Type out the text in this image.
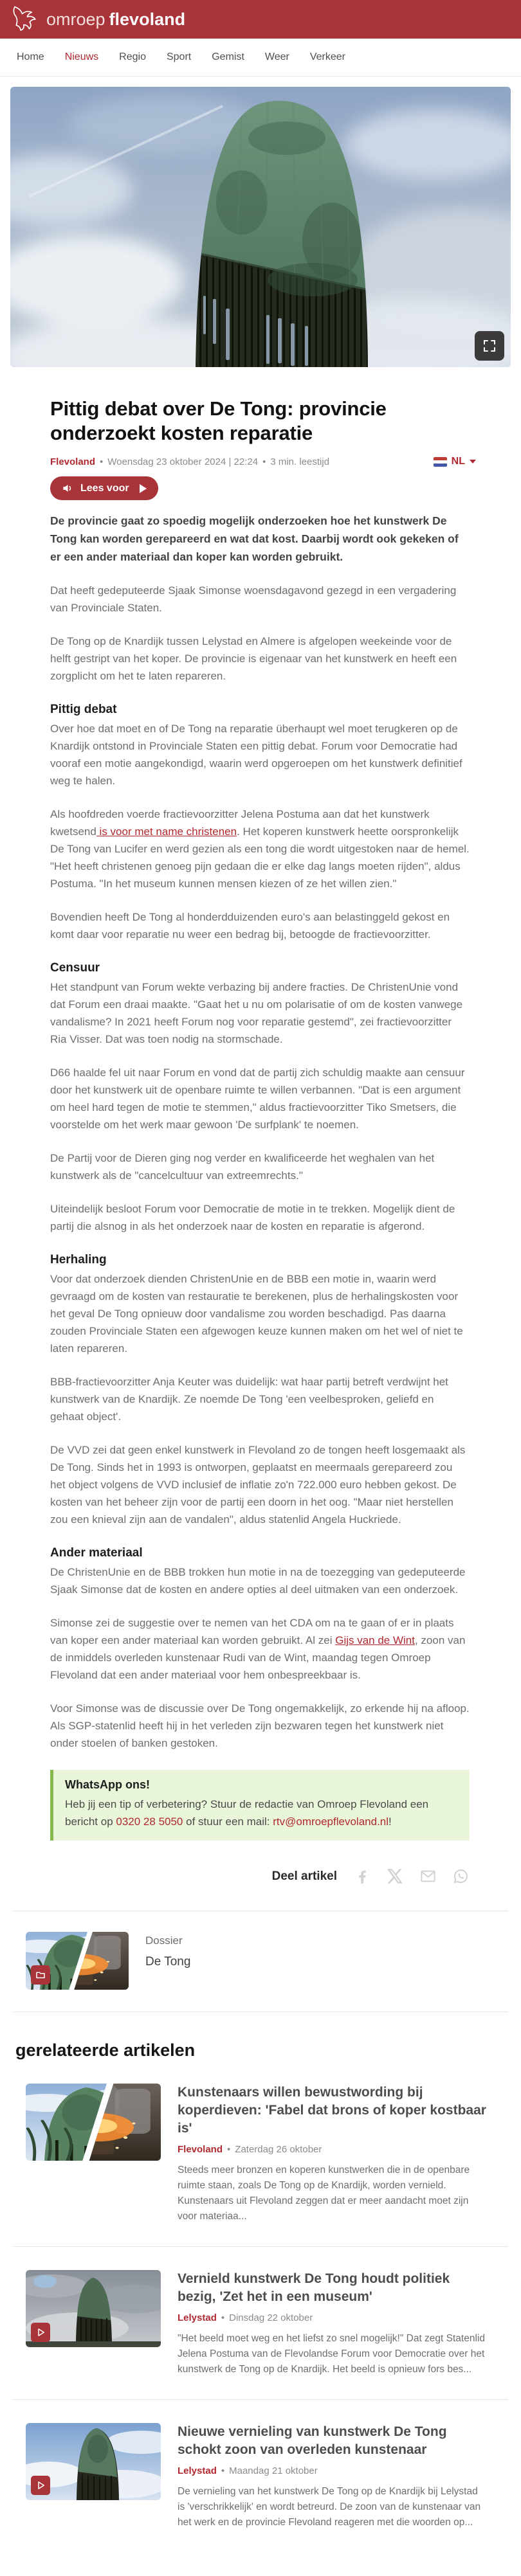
omroep flevoland
Home Nieuws Regio Sport Gemist Weer Verkeer
Pittig debat over De Tong: provincie onderzoekt kosten reparatie
Flevoland • Woensdag 23 oktober 2024 | 22:24 • 3 min. leestijd	NL
Lees voor

De provincie gaat zo spoedig mogelijk onderzoeken hoe het kunstwerk De Tong kan worden gerepareerd en wat dat kost. Daarbij wordt ook gekeken of er een ander materiaal dan koper kan worden gebruikt.

Dat heeft gedeputeerde Sjaak Simonse woensdagavond gezegd in een vergadering van Provinciale Staten.

De Tong op de Knardijk tussen Lelystad en Almere is afgelopen weekeinde voor de helft gestript van het koper. De provincie is eigenaar van het kunstwerk en heeft een zorgplicht om het te laten repareren.

Pittig debat

Over hoe dat moet en of De Tong na reparatie überhaupt wel moet terugkeren op de Knardijk ontstond in Provinciale Staten een pittig debat. Forum voor Democratie had vooraf een motie aangekondigd, waarin werd opgeroepen om het kunstwerk definitief weg te halen.

Als hoofdreden voerde fractievoorzitter Jelena Postuma aan dat het kunstwerk kwetsend is voor met name christenen. Het koperen kunstwerk heette oorspronkelijk De Tong van Lucifer en werd gezien als een tong die wordt uitgestoken naar de hemel. "Het heeft christenen genoeg pijn gedaan die er elke dag langs moeten rijden", aldus Postuma. "In het museum kunnen mensen kiezen of ze het willen zien."

Bovendien heeft De Tong al honderdduizenden euro's aan belastinggeld gekost en komt daar voor reparatie nu weer een bedrag bij, betoogde de fractievoorzitter.

Censuur

Het standpunt van Forum wekte verbazing bij andere fracties. De ChristenUnie vond dat Forum een draai maakte. "Gaat het u nu om polarisatie of om de kosten vanwege vandalisme? In 2021 heeft Forum nog voor reparatie gestemd", zei fractievoorzitter Ria Visser. Dat was toen nodig na stormschade.

D66 haalde fel uit naar Forum en vond dat de partij zich schuldig maakte aan censuur door het kunstwerk uit de openbare ruimte te willen verbannen. "Dat is een argument om heel hard tegen de motie te stemmen," aldus fractievoorzitter Tiko Smetsers, die voorstelde om het werk maar gewoon 'De surfplank' te noemen.

De Partij voor de Dieren ging nog verder en kwalificeerde het weghalen van het kunstwerk als de "cancelcultuur van extreemrechts."

Uiteindelijk besloot Forum voor Democratie de motie in te trekken. Mogelijk dient de partij die alsnog in als het onderzoek naar de kosten en reparatie is afgerond.

Herhaling

Voor dat onderzoek dienden ChristenUnie en de BBB een motie in, waarin werd gevraagd om de kosten van restauratie te berekenen, plus de herhalingskosten voor het geval De Tong opnieuw door vandalisme zou worden beschadigd. Pas daarna zouden Provinciale Staten een afgewogen keuze kunnen maken om het wel of niet te laten repareren.

BBB-fractievoorzitter Anja Keuter was duidelijk: wat haar partij betreft verdwijnt het kunstwerk van de Knardijk. Ze noemde De Tong 'een veelbesproken, geliefd en gehaat object'.

De VVD zei dat geen enkel kunstwerk in Flevoland zo de tongen heeft losgemaakt als De Tong. Sinds het in 1993 is ontworpen, geplaatst en meermaals gerepareerd zou het object volgens de VVD inclusief de inflatie zo'n 722.000 euro hebben gekost. De kosten van het beheer zijn voor de partij een doorn in het oog. "Maar niet herstellen zou een knieval zijn aan de vandalen", aldus statenlid Angela Huckriede.

Ander materiaal

De ChristenUnie en de BBB trokken hun motie in na de toezegging van gedeputeerde Sjaak Simonse dat de kosten en andere opties al deel uitmaken van een onderzoek.

Simonse zei de suggestie over te nemen van het CDA om na te gaan of er in plaats van koper een ander materiaal kan worden gebruikt. Al zei Gijs van de Wint, zoon van de inmiddels overleden kunstenaar Rudi van de Wint, maandag tegen Omroep Flevoland dat een ander materiaal voor hem onbespreekbaar is.

Voor Simonse was de discussie over De Tong ongemakkelijk, zo erkende hij na afloop. Als SGP-statenlid heeft hij in het verleden zijn bezwaren tegen het kunstwerk niet onder stoelen of banken gestoken.

WhatsApp ons!

Heb jij een tip of verbetering? Stuur de redactie van Omroep Flevoland een bericht op 0320 28 5050 of stuur een mail: rtv@omroepflevoland.nl!

Deel artikel
Dossier
De Tong
gerelateerde artikelen
Kunstenaars willen bewustwording bij koperdieven: 'Fabel dat brons of koper kostbaar is'
Flevoland • Zaterdag 26 oktober

Steeds meer bronzen en koperen kunstwerken die in de openbare ruimte staan, zoals De Tong op de Knardijk, worden vernield. Kunstenaars uit Flevoland zeggen dat er meer aandacht moet zijn voor materiaa...

Vernield kunstwerk De Tong houdt politiek bezig, 'Zet het in een museum'
Lelystad • Dinsdag 22 oktober

"Het beeld moet weg en het liefst zo snel mogelijk!" Dat zegt Statenlid Jelena Postuma van de Flevolandse Forum voor Democratie over het kunstwerk de Tong op de Knardijk. Het beeld is opnieuw fors bes...

Nieuwe vernieling van kunstwerk De Tong schokt zoon van overleden kunstenaar
Lelystad • Maandag 21 oktober

De vernieling van het kunstwerk De Tong op de Knardijk bij Lelystad is 'verschrikkelijk' en wordt betreurd. De zoon van de kunstenaar van het werk en de provincie Flevoland reageren met die woorden op...
